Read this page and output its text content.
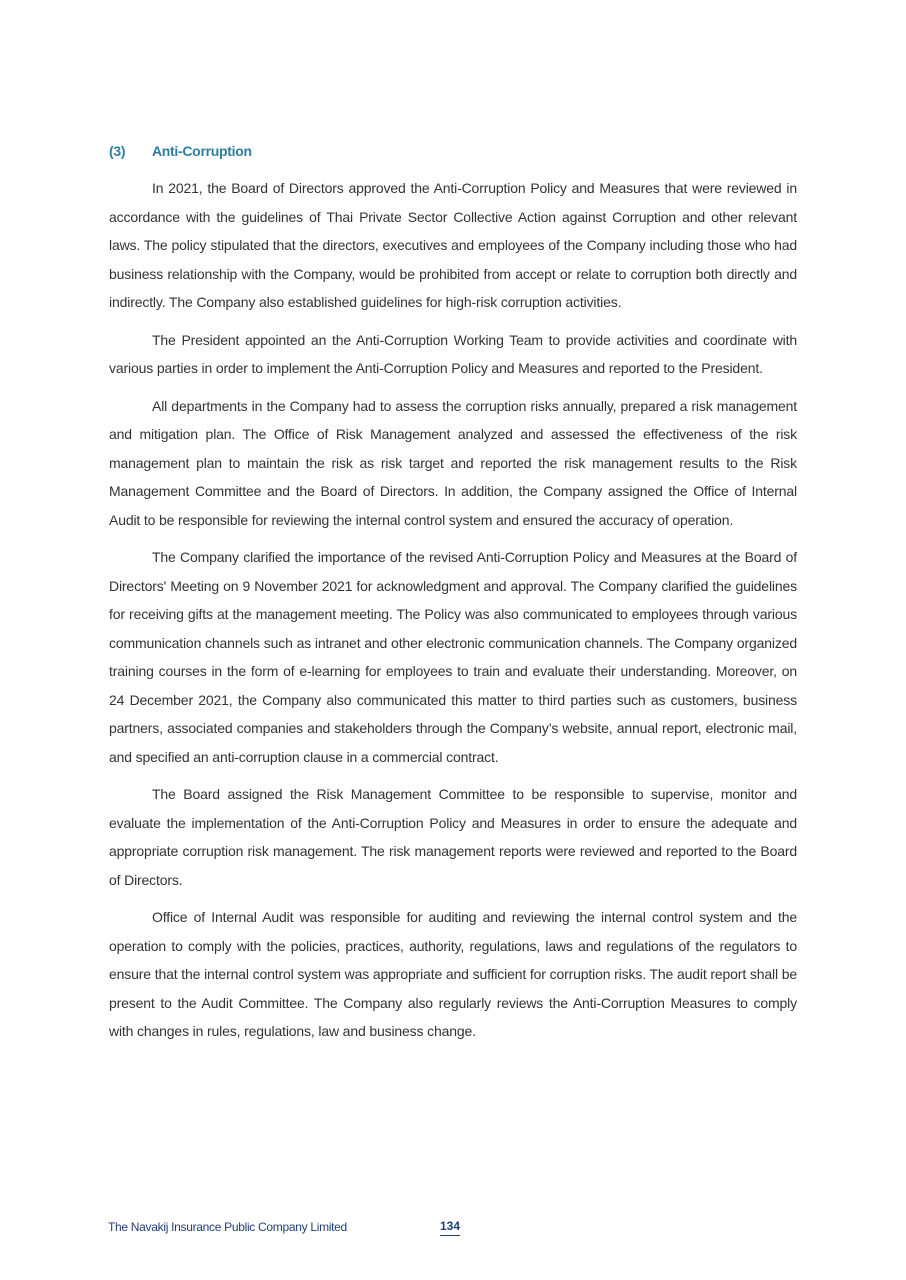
(3)	Anti-Corruption

In 2021, the Board of Directors approved the Anti-Corruption Policy and Measures that were reviewed in accordance with the guidelines of Thai Private Sector Collective Action against Corruption and other relevant laws. The policy stipulated that the directors, executives and employees of the Company including those who had business relationship with the Company, would be prohibited from accept or relate to corruption both directly and indirectly. The Company also established guidelines for high-risk corruption activities.

The President appointed an the Anti-Corruption Working Team to provide activities and coordinate with various parties in order to implement the Anti-Corruption Policy and Measures and reported to the President.

All departments in the Company had to assess the corruption risks annually, prepared a risk management and mitigation plan. The Office of Risk Management analyzed and assessed the effectiveness of the risk management plan to maintain the risk as risk target and reported the risk management results to the Risk Management Committee and the Board of Directors. In addition, the Company assigned the Office of Internal Audit to be responsible for reviewing the internal control system and ensured the accuracy of operation.

The Company clarified the importance of the revised Anti-Corruption Policy and Measures at the Board of Directors' Meeting on 9 November 2021 for acknowledgment and approval. The Company clarified the guidelines for receiving gifts at the management meeting. The Policy was also communicated to employees through various communication channels such as intranet and other electronic communication channels. The Company organized training courses in the form of e-learning for employees to train and evaluate their understanding. Moreover, on 24 December 2021, the Company also communicated this matter to third parties such as customers, business partners, associated companies and stakeholders through the Company’s website, annual report, electronic mail, and specified an anti-corruption clause in a commercial contract.

The Board assigned the Risk Management Committee to be responsible to supervise, monitor and evaluate the implementation of the Anti-Corruption Policy and Measures in order to ensure the adequate and appropriate corruption risk management. The risk management reports were reviewed and reported to the Board of Directors.

Office of Internal Audit was responsible for auditing and reviewing the internal control system and the operation to comply with the policies, practices, authority, regulations, laws and regulations of the regulators to ensure that the internal control system was appropriate and sufficient for corruption risks. The audit report shall be present to the Audit Committee. The Company also regularly reviews the Anti-Corruption Measures to comply with changes in rules, regulations, law and business change.

The Navakij Insurance Public Company Limited	134
